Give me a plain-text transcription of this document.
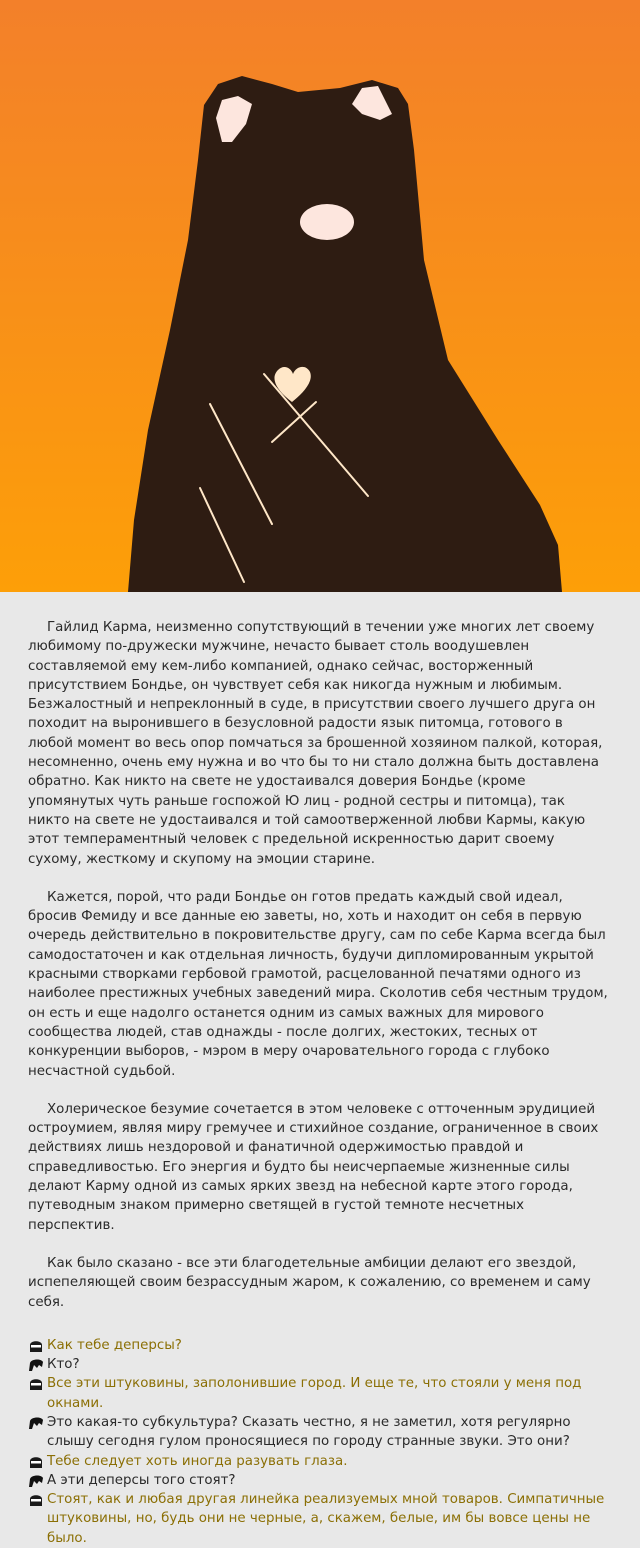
Гайлид Карма, неизменно сопутствующий в течении уже многих лет своему любимому по-дружески мужчине, нечасто бывает столь воодушевлен составляемой ему кем-либо компанией, однако сейчас, восторженный присутствием Бондье, он чувствует себя как никогда нужным и любимым. Безжалостный и непреклонный в суде, в присутствии своего лучшего друга он походит на выронившего в безусловной радости язык питомца, готового в любой момент во весь опор помчаться за брошенной хозяином палкой, которая, несомненно, очень ему нужна и во что бы то ни стало должна быть доставлена обратно. Как никто на свете не удостаивался доверия Бондье (кроме упомянутых чуть раньше госпожой Ю лиц - родной сестры и питомца), так никто на свете не удостаивался и той самоотверженной любви Кармы, какую этот темпераментный человек с предельной искренностью дарит своему сухому, жесткому и скупому на эмоции старине.

Кажется, порой, что ради Бондье он готов предать каждый свой идеал, бросив Фемиду и все данные ею заветы, но, хоть и находит он себя в первую очередь действительно в покровительстве другу, сам по себе Карма всегда был самодостаточен и как отдельная личность, будучи дипломированным укрытой красными створками гербовой грамотой, расцелованной печатями одного из наиболее престижных учебных заведений мира. Сколотив себя честным трудом, он есть и еще надолго останется одним из самых важных для мирового сообщества людей, став однажды - после долгих, жестоких, тесных от конкуренции выборов, - мэром в меру очаровательного города с глубоко несчастной судьбой.

Холерическое безумие сочетается в этом человеке с отточенным эрудицией остроумием, являя миру гремучее и стихийное создание, ограниченное в своих действиях лишь нездоровой и фанатичной одержимостью правдой и справедливостью. Его энергия и будто бы неисчерпаемые жизненные силы делают Карму одной из самых ярких звезд на небесной карте этого города, путеводным знаком примерно светящей в густой темноте несчетных перспектив.

Как было сказано - все эти благодетельные амбиции делают его звездой, испепеляющей своим безрассудным жаром, к сожалению, со временем и саму себя.

Как тебе деперсы?

Кто?

Все эти штуковины, заполонившие город. И еще те, что стояли у меня под окнами.

Это какая-то субкультура? Сказать честно, я не заметил, хотя регулярно слышу сегодня гулом проносящиеся по городу странные звуки. Это они?

Тебе следует хоть иногда разувать глаза.

А эти деперсы того стоят?

Стоят, как и любая другая линейка реализуемых мной товаров. Симпатичные штуковины, но, будь они не черные, а, скажем, белые, им бы вовсе цены не было.
